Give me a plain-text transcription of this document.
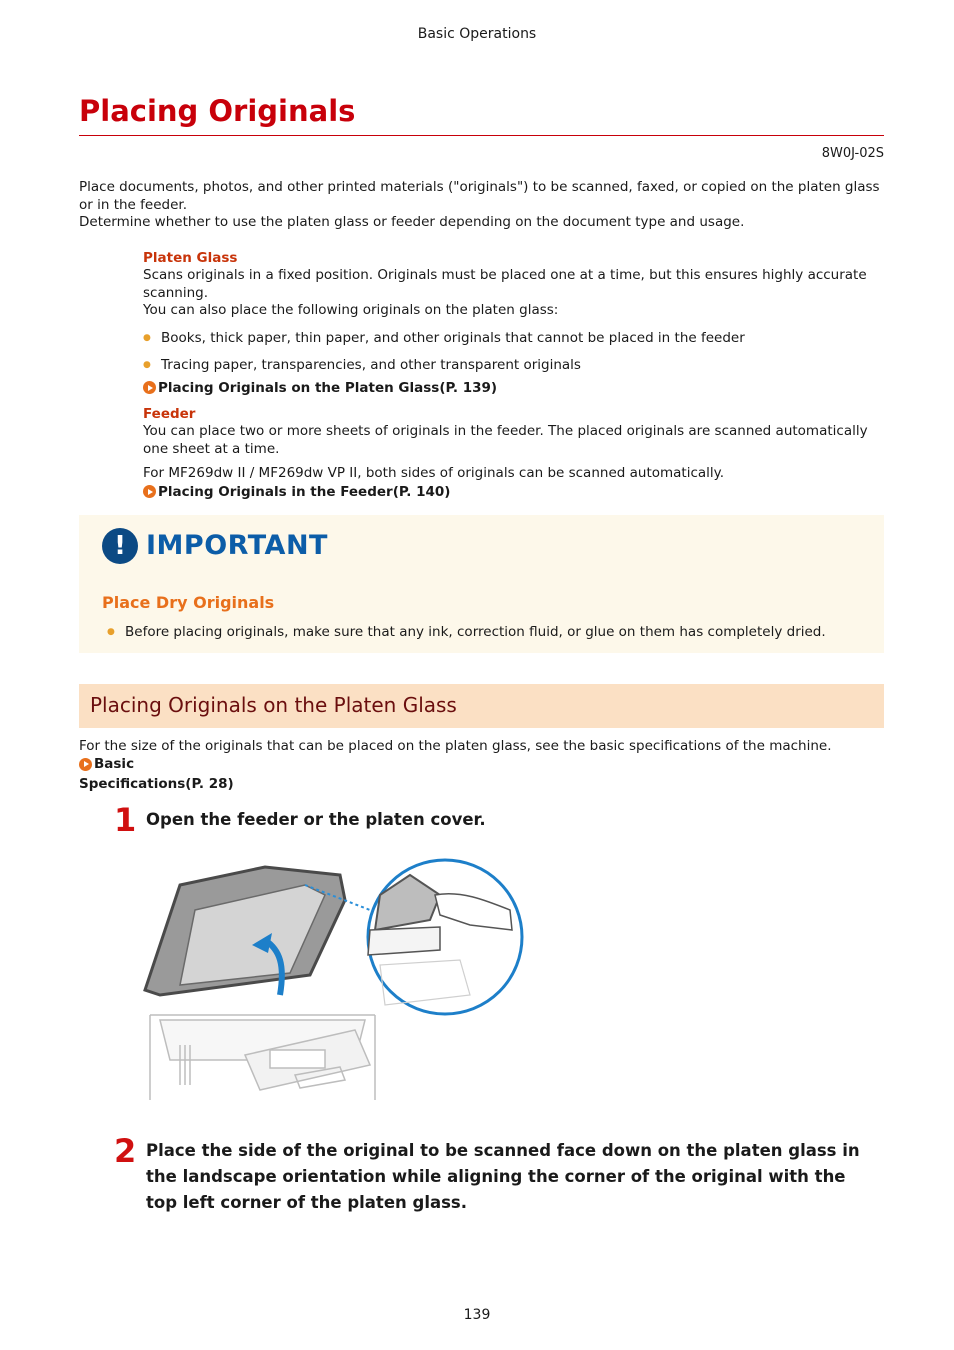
Basic Operations
Placing Originals
8W0J-02S

Place documents, photos, and other printed materials ("originals") to be scanned, faxed, or copied on the platen glass or in the feeder.

Determine whether to use the platen glass or feeder depending on the document type and usage.

Platen Glass

Scans originals in a fixed position. Originals must be placed one at a time, but this ensures highly accurate scanning.

You can also place the following originals on the platen glass:

● Books, thick paper, thin paper, and other originals that cannot be placed in the feeder
● Tracing paper, transparencies, and other transparent originals
Placing Originals on the Platen Glass(P. 139)
Feeder

You can place two or more sheets of originals in the feeder. The placed originals are scanned automatically one sheet at a time.

For MF269dw II / MF269dw VP II, both sides of originals can be scanned automatically.

Placing Originals in the Feeder(P. 140)
! IMPORTANT
Place Dry Originals
● Before placing originals, make sure that any ink, correction fluid, or glue on them has completely dried.
Placing Originals on the Platen Glass
For the size of the originals that can be placed on the platen glass, see the basic specifications of the machine.
Basic

Specifications(P. 28)
1 Open the feeder or the platen cover.

2 Place the side of the original to be scanned face down on the platen glass in the landscape orientation while aligning the corner of the original with the top left corner of the platen glass.

139
